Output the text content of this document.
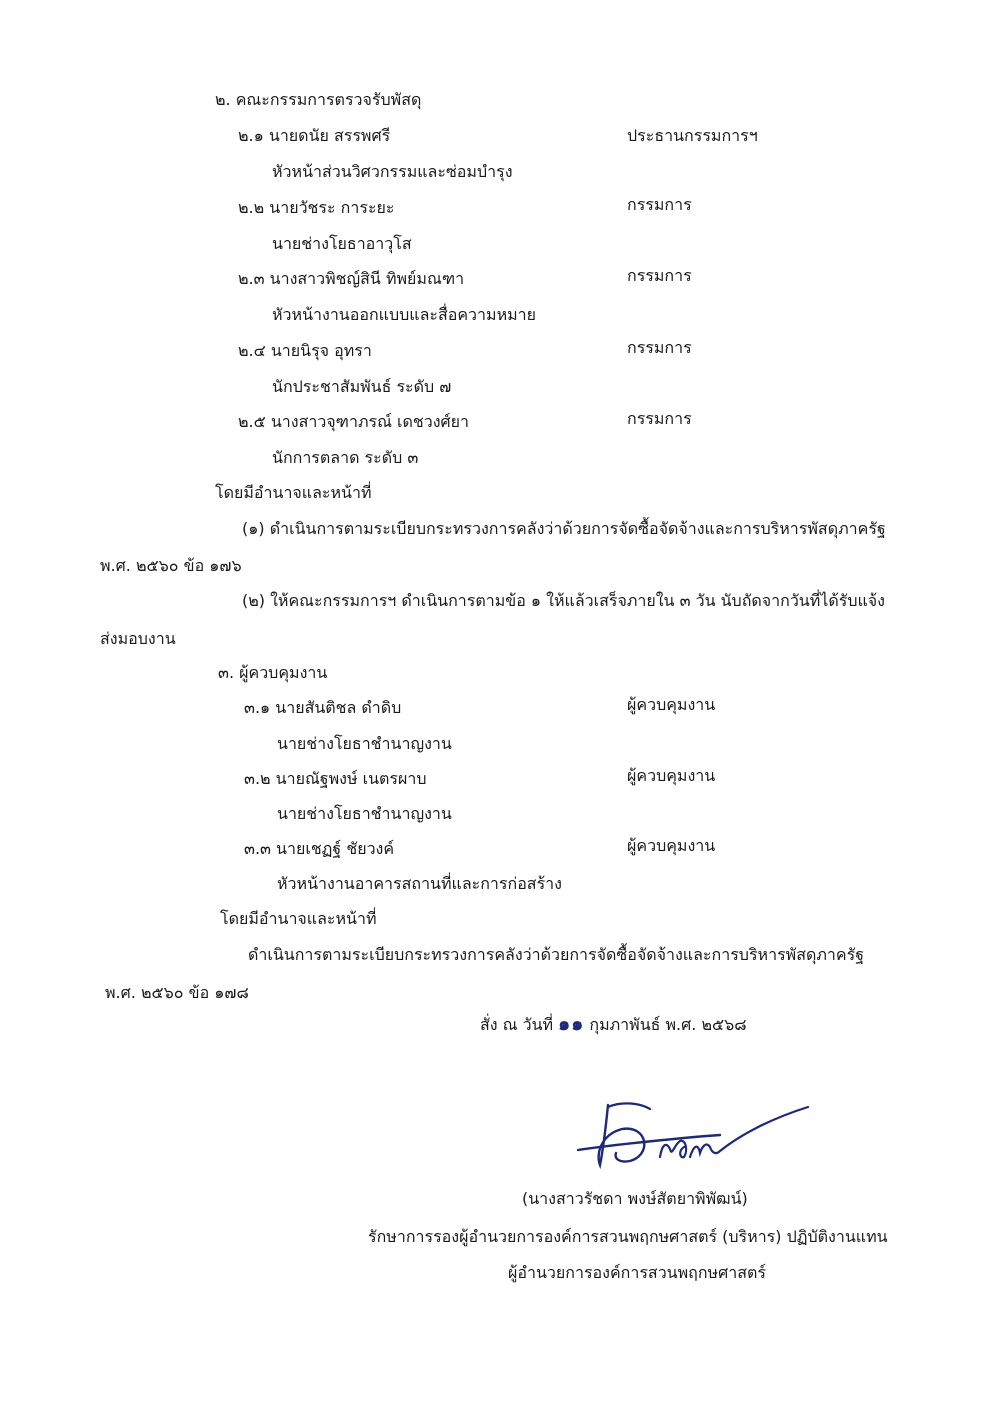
๒. คณะกรรมการตรวจรับพัสดุ
๒.๑ นายดนัย สรรพศรี	ประธานกรรมการฯ
หัวหน้าส่วนวิศวกรรมและซ่อมบำรุง
๒.๒ นายวัชระ การะยะ	กรรมการ
นายช่างโยธาอาวุโส
๒.๓ นางสาวพิชญ์สินี ทิพย์มณฑา	กรรมการ
หัวหน้างานออกแบบและสื่อความหมาย
๒.๔ นายนิรุจ อุทรา	กรรมการ
นักประชาสัมพันธ์ ระดับ ๗
๒.๕ นางสาวจุฑาภรณ์ เดชวงศ์ยา	กรรมการ
นักการตลาด ระดับ ๓
โดยมีอำนาจและหน้าที่
(๑) ดำเนินการตามระเบียบกระทรวงการคลังว่าด้วยการจัดซื้อจัดจ้างและการบริหารพัสดุภาครัฐ
พ.ศ. ๒๕๖๐ ข้อ ๑๗๖
(๒) ให้คณะกรรมการฯ ดำเนินการตามข้อ ๑ ให้แล้วเสร็จภายใน ๓ วัน นับถัดจากวันที่ได้รับแจ้ง
ส่งมอบงาน
๓. ผู้ควบคุมงาน
๓.๑ นายสันติชล ดำดิบ	ผู้ควบคุมงาน
นายช่างโยธาชำนาญงาน
๓.๒ นายณัฐพงษ์ เนตรผาบ	ผู้ควบคุมงาน
นายช่างโยธาชำนาญงาน
๓.๓ นายเชฏฐ์ ชัยวงค์	ผู้ควบคุมงาน
หัวหน้างานอาคารสถานที่และการก่อสร้าง
โดยมีอำนาจและหน้าที่
ดำเนินการตามระเบียบกระทรวงการคลังว่าด้วยการจัดซื้อจัดจ้างและการบริหารพัสดุภาครัฐ
พ.ศ. ๒๕๖๐ ข้อ ๑๗๘
สั่ง ณ วันที่ ๑๑ กุมภาพันธ์ พ.ศ. ๒๕๖๘
(นางสาวรัชดา พงษ์สัตยาพิพัฒน์)
รักษาการรองผู้อำนวยการองค์การสวนพฤกษศาสตร์ (บริหาร) ปฏิบัติงานแทน
ผู้อำนวยการองค์การสวนพฤกษศาสตร์
